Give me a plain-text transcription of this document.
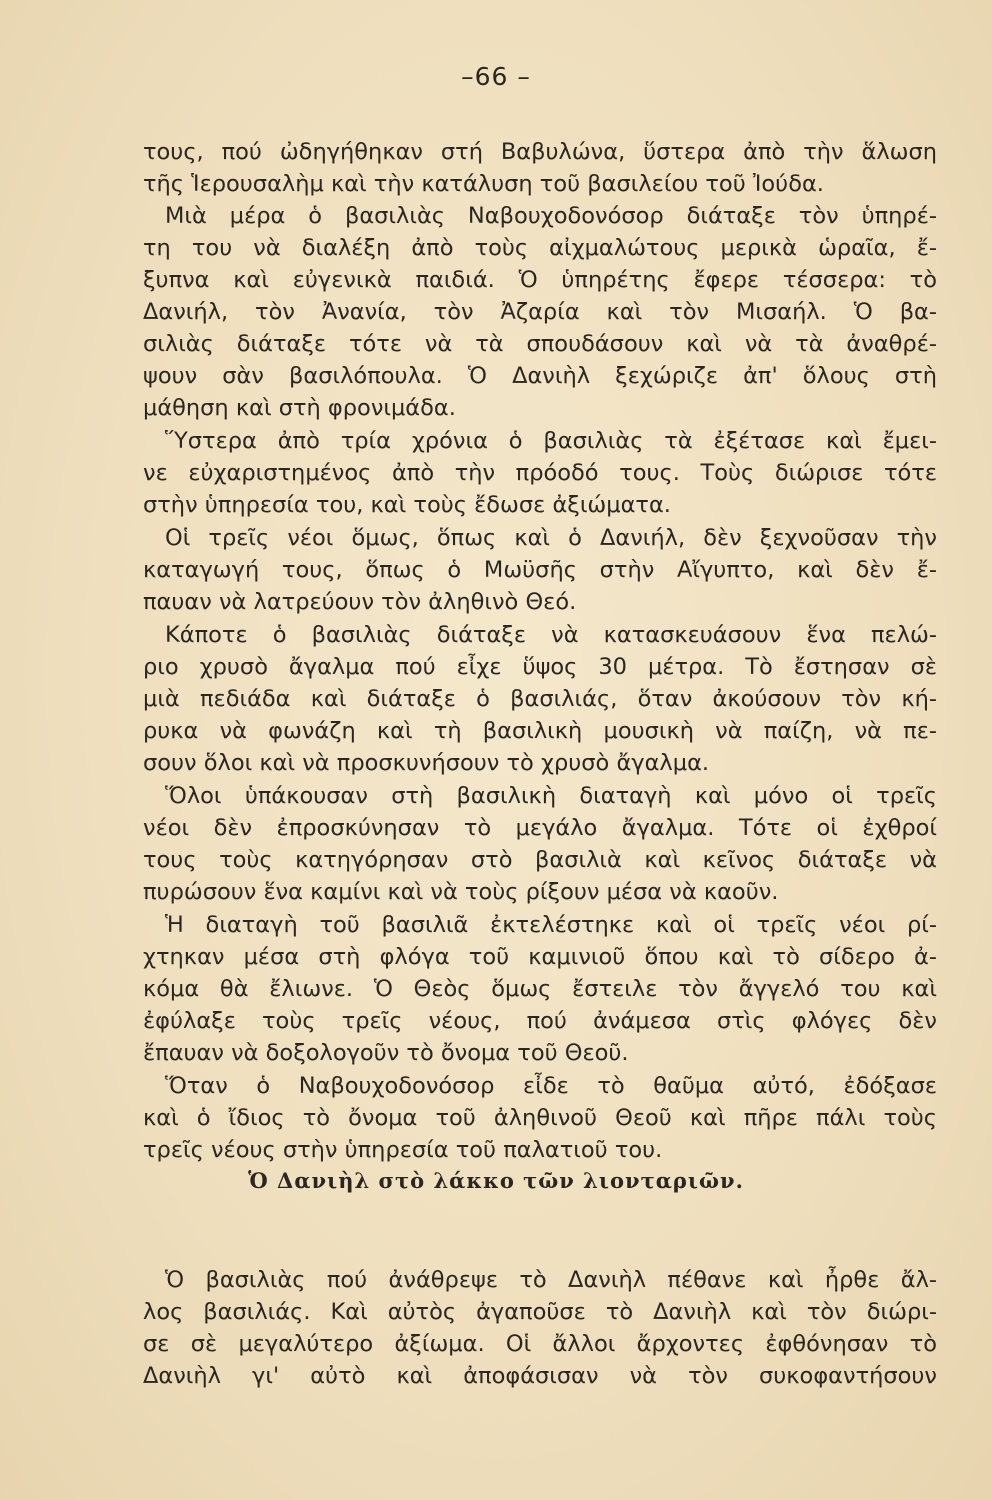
–66 –
τους, πού ὠδηγήθηκαν στή Βαβυλώνα, ὕστερα ἀπὸ τὴν ἅλωση
τῆς Ἱερουσαλὴμ καὶ τὴν κατάλυση τοῦ βασιλείου τοῦ Ἰούδα.
Μιὰ μέρα ὁ βασιλιὰς Ναβουχοδονόσορ διάταξε τὸν ὑπηρέ-
τη του νὰ διαλέξη ἀπὸ τοὺς αἰχμαλώτους μερικὰ ὡραῖα, ἔ-
ξυπνα καὶ εὐγενικὰ παιδιά. Ὁ ὑπηρέτης ἔφερε τέσσερα: τὸ
Δανιήλ, τὸν Ἀνανία, τὸν Ἀζαρία καὶ τὸν Μισαήλ. Ὁ βα-
σιλιὰς διάταξε τότε νὰ τὰ σπουδάσουν καὶ νὰ τὰ ἀναθρέ-
ψουν σὰν βασιλόπουλα. Ὁ Δανιὴλ ξεχώριζε ἀπ' ὅλους στὴ
μάθηση καὶ στὴ φρονιμάδα.
Ὕστερα ἀπὸ τρία χρόνια ὁ βασιλιὰς τὰ ἐξέτασε καὶ ἔμει-
νε εὐχαριστημένος ἀπὸ τὴν πρόοδό τους. Τοὺς διώρισε τότε
στὴν ὑπηρεσία του, καὶ τοὺς ἔδωσε ἀξιώματα.
Οἱ τρεῖς νέοι ὅμως, ὅπως καὶ ὁ Δανιήλ, δὲν ξεχνοῦσαν τὴν
καταγωγή τους, ὅπως ὁ Μωϋσῆς στὴν Αἴγυπτο, καὶ δὲν ἔ-
παυαν νὰ λατρεύουν τὸν ἀληθινὸ Θεό.
Κάποτε ὁ βασιλιὰς διάταξε νὰ κατασκευάσουν ἕνα πελώ-
ριο χρυσὸ ἄγαλμα πού εἶχε ὕψος 30 μέτρα. Τὸ ἔστησαν σὲ
μιὰ πεδιάδα καὶ διάταξε ὁ βασιλιάς, ὅταν ἀκούσουν τὸν κή-
ρυκα νὰ φωνάζη καὶ τὴ βασιλικὴ μουσικὴ νὰ παίζη, νὰ πε-
σουν ὅλοι καὶ νὰ προσκυνήσουν τὸ χρυσὸ ἄγαλμα.
Ὅλοι ὑπάκουσαν στὴ βασιλικὴ διαταγὴ καὶ μόνο οἱ τρεῖς
νέοι δὲν ἐπροσκύνησαν τὸ μεγάλο ἄγαλμα. Τότε οἱ ἐχθροί
τους τοὺς κατηγόρησαν στὸ βασιλιὰ καὶ κεῖνος διάταξε νὰ
πυρώσουν ἕνα καμίνι καὶ νὰ τοὺς ρίξουν μέσα νὰ καοῦν.
Ἡ διαταγὴ τοῦ βασιλιᾶ ἐκτελέστηκε καὶ οἱ τρεῖς νέοι ρί-
χτηκαν μέσα στὴ φλόγα τοῦ καμινιοῦ ὅπου καὶ τὸ σίδερο ἀ-
κόμα θὰ ἔλιωνε. Ὁ Θεὸς ὅμως ἔστειλε τὸν ἄγγελό του καὶ
ἐφύλαξε τοὺς τρεῖς νέους, πού ἀνάμεσα στὶς φλόγες δὲν
ἔπαυαν νὰ δοξολογοῦν τὸ ὄνομα τοῦ Θεοῦ.
Ὅταν ὁ Ναβουχοδονόσορ εἶδε τὸ θαῦμα αὐτό, ἐδόξασε
καὶ ὁ ἴδιος τὸ ὄνομα τοῦ ἀληθινοῦ Θεοῦ καὶ πῆρε πάλι τοὺς
τρεῖς νέους στὴν ὑπηρεσία τοῦ παλατιοῦ του.
Ὁ Δανιὴλ στὸ λάκκο τῶν λιονταριῶν.
Ὁ βασιλιὰς πού ἀνάθρεψε τὸ Δανιὴλ πέθανε καὶ ἦρθε ἄλ-
λος βασιλιάς. Καὶ αὐτὸς ἀγαποῦσε τὸ Δανιὴλ καὶ τὸν διώρι-
σε σὲ μεγαλύτερο ἀξίωμα. Οἱ ἄλλοι ἄρχοντες ἐφθόνησαν τὸ
Δανιὴλ γι' αὐτὸ καὶ ἀποφάσισαν νὰ τὸν συκοφαντήσουν
